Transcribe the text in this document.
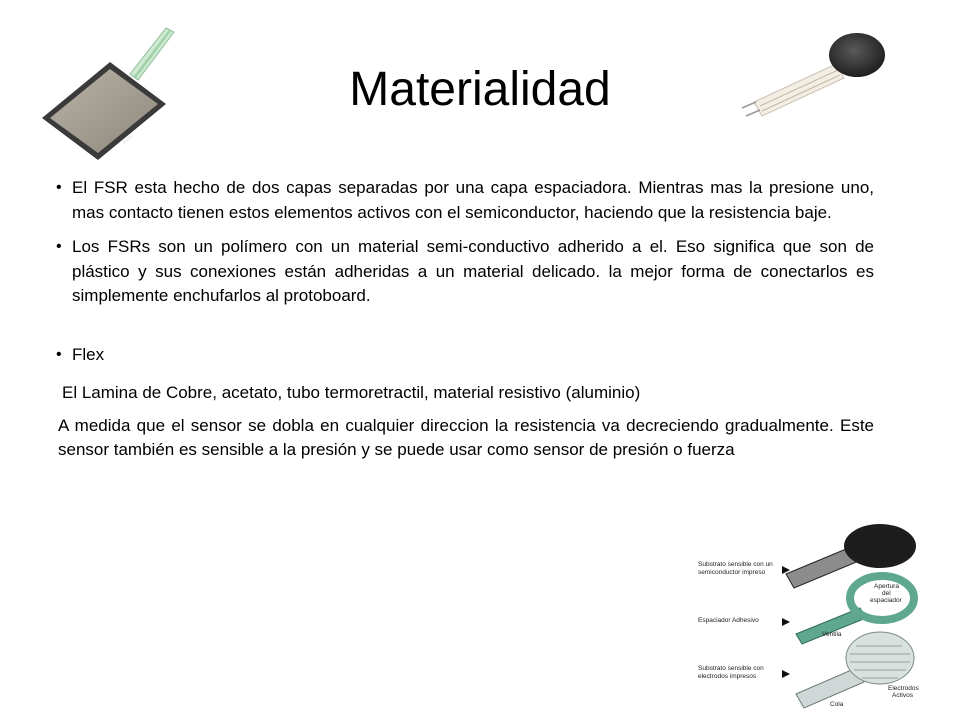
▮▮▮▮
Materialidad
• El FSR esta hecho de dos capas separadas por una capa espaciadora. Mientras mas la presione uno, mas contacto tienen estos elementos activos con el semiconductor, haciendo que la resistencia baje.
• Los FSRs son un polímero con un material semi-conductivo adherido a el. Eso significa que son de plástico y sus conexiones están adheridas a un material delicado. la mejor forma de conectarlos es simplemente enchufarlos al protoboard.
• Flex
El Lamina de Cobre, acetato, tubo termoretractil, material resistivo (aluminio)
A medida que el sensor se dobla en cualquier direccion la resistencia va decreciendo gradualmente. Este sensor también es sensible a la presión y se puede usar como sensor de presión o fuerza
Substrato sensible con un
semiconductor impreso
Espaciador Adhesivo
Substrato sensible con
electrodos impresos
Apertura
del
espaciador
Ventila
Electrodos
Activos
Cola
